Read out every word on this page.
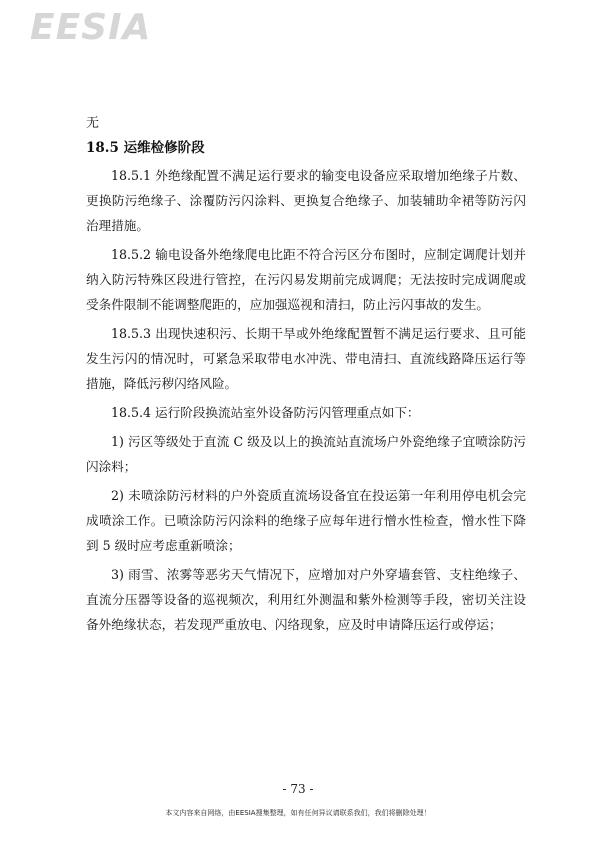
EESIA

无

18.5 运维检修阶段

18.5.1 外绝缘配置不满足运行要求的输变电设备应采取增加绝缘子片数、更换防污绝缘子、涂覆防污闪涂料、更换复合绝缘子、加装辅助伞裙等防污闪治理措施。

18.5.2 输电设备外绝缘爬电比距不符合污区分布图时，应制定调爬计划并纳入防污特殊区段进行管控，在污闪易发期前完成调爬；无法按时完成调爬或受条件限制不能调整爬距的，应加强巡视和清扫，防止污闪事故的发生。

18.5.3 出现快速积污、长期干旱或外绝缘配置暂不满足运行要求、且可能发生污闪的情况时，可紧急采取带电水冲洗、带电清扫、直流线路降压运行等措施，降低污秽闪络风险。

18.5.4 运行阶段换流站室外设备防污闪管理重点如下：

1) 污区等级处于直流 C 级及以上的换流站直流场户外瓷绝缘子宜喷涂防污闪涂料；

2) 未喷涂防污材料的户外瓷质直流场设备宜在投运第一年利用停电机会完成喷涂工作。已喷涂防污闪涂料的绝缘子应每年进行憎水性检查，憎水性下降到 5 级时应考虑重新喷涂；

3) 雨雪、浓雾等恶劣天气情况下，应增加对户外穿墙套管、支柱绝缘子、直流分压器等设备的巡视频次，利用红外测温和紫外检测等手段，密切关注设备外绝缘状态，若发现严重放电、闪络现象，应及时申请降压运行或停运；

- 73 -
本文内容来自网络，由EESIA搜集整理，如有任何异议请联系我们，我们将删除处理！
